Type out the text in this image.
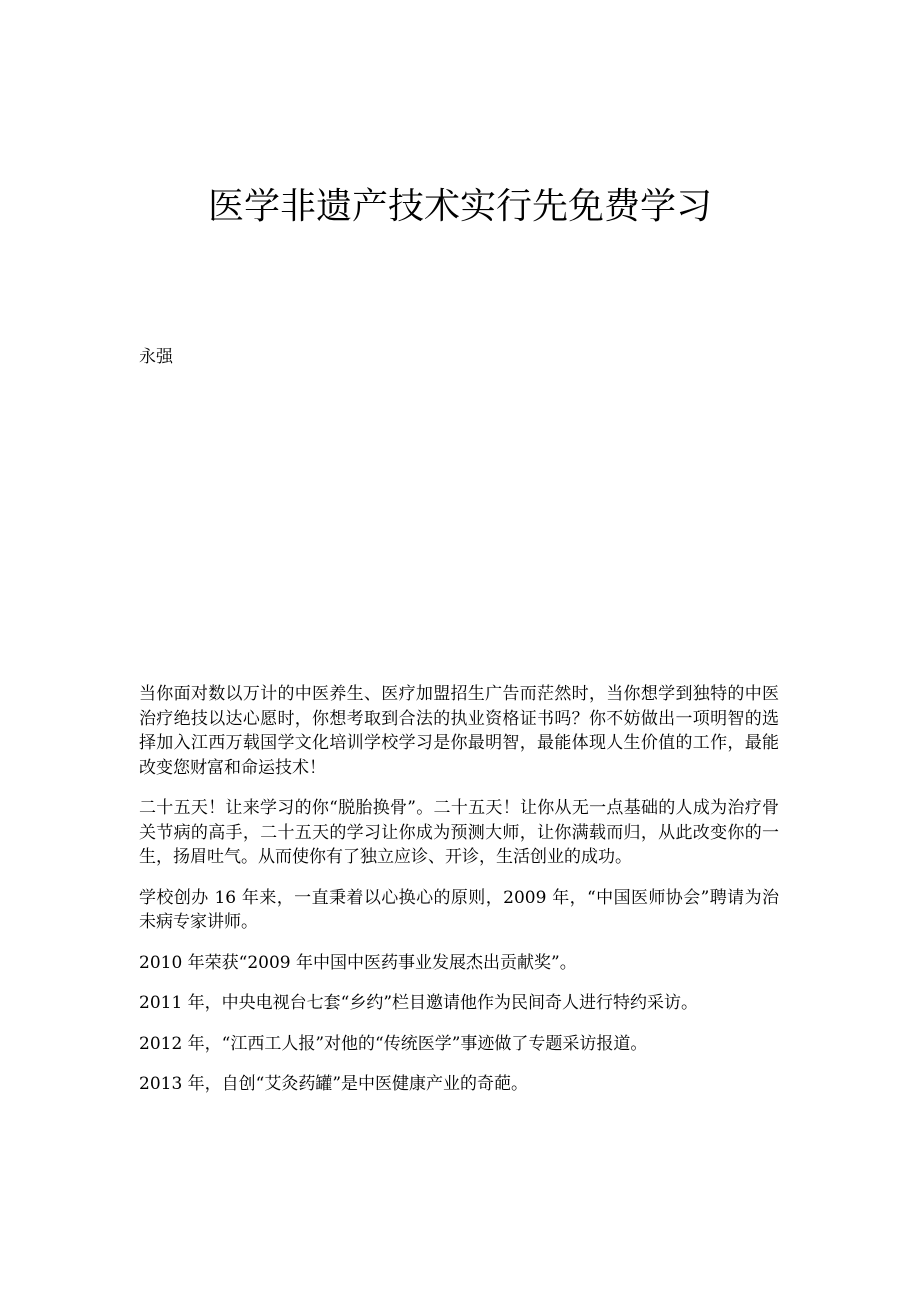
医学非遗产技术实行先免费学习

永强

当你面对数以万计的中医养生、医疗加盟招生广告而茫然时，当你想学到独特的中医治疗绝技以达心愿时，你想考取到合法的执业资格证书吗？你不妨做出一项明智的选择加入江西万载国学文化培训学校学习是你最明智，最能体现人生价值的工作，最能改变您财富和命运技术！

二十五天！让来学习的你“脱胎换骨”。二十五天！让你从无一点基础的人成为治疗骨关节病的高手，二十五天的学习让你成为预测大师，让你满载而归，从此改变你的一生，扬眉吐气。从而使你有了独立应诊、开诊，生活创业的成功。

学校创办 16 年来，一直秉着以心换心的原则，2009 年，“中国医师协会”聘请为治未病专家讲师。

2010 年荣获“2009 年中国中医药事业发展杰出贡献奖”。

2011 年，中央电视台七套“乡约”栏目邀请他作为民间奇人进行特约采访。

2012 年，“江西工人报”对他的“传统医学”事迹做了专题采访报道。

2013 年，自创“艾灸药罐”是中医健康产业的奇葩。
